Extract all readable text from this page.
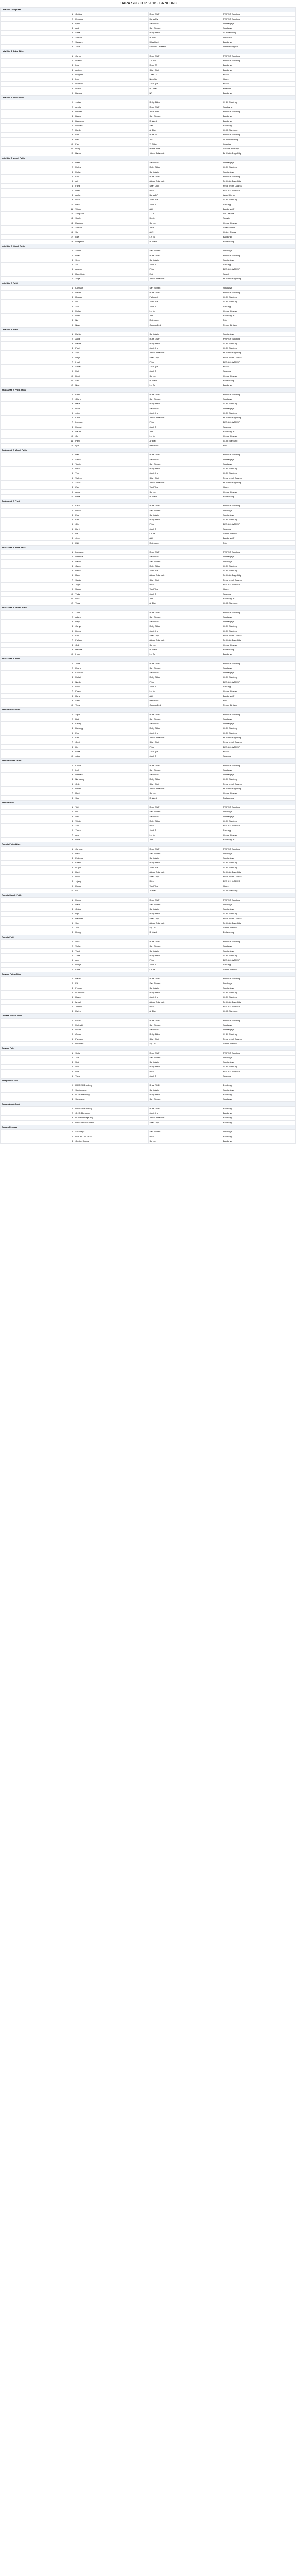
JUARA SUB CUP 2016 - BANDUNG
Usia Dini Campuran			
1	Geisha	Ruas GWP	PWP SP Bandung
2	Kemala	Karas Fly	PWP SP Bandung
3	Iqbal	Sarfio Aris	Sumtanjaya
4	Andi	San Rizmen	Surabaya
5	Sinta	Rizky Akbar	Gi. Rbandung
6	Ahmad	Ib Akso	Surakarta
7	Saksam	Kilas Dadi	Bandung
8	Jatun	Fp Ward - Yossen	Sutarbarang SP
Usia Dini A Putra Atlas			
1	Candy	Ruas GWP	PWP SP Bandung
2	Mushik	Tio Ado	PWP SP Bandung
3	Iodu	Ruas TS	Bandung
4	Antibar	Sitah Dtuji	Bandung
5	Brogam	Thas - V	Kitaze
6	Lun	Nem Ws	Kitaze
7	Muchan	Tas I Tjos	Kitaze
8	Muhar	P. Oidan	Kutecila
9	Barang	NF	Bandung
Usia Dini B Putra Atlas			
1	Abdan	Rizky Akbar	Gi. Rt Bandung
2	Azkila	Ruas GWP	Surakarta
3	Rindlar	Jusat Adkit	PWP SP Bandung
4	Bagas	San Rizmen	Bandung
5	Bagesno	R. Ward	Bandung
6	Wawan	Sas	Bandung
7	Habib	Ar Elad	GI. Rt Bandung
8	Irfan	Ruas TS	PWP SP Bandung
9	Bala	ABT	LV BD Bandung
10	Fajri	T. Oidun	Kutecila
11	Rizky	Holme Atlas	Gurada Kalmany
12	Harun	Adjuar Ardandat	Pr. Gede Bage Bdg
Usia Dini A Murah Putih			
1	Dean	Sarfio Aris	Sumtanjaya
2	Mulya	Rizky Akbar	Gi. Rt Bandung
3	Malaz	Sarfio Aris	Sumtanjaya
4	Fitri	Ruas GWP	PWP SP Bandung
5	Alif	Adjuar Ardandat	Pr. Gede Bage Bdg
6	Faza	Sitah Dtuji	Pesta Indah Caneks
7	Marsi	Prital	BES ALL WTR SP
8	Aisha	Baras BP	Antar Steher
9	Nurul	Jamil Aris	Gi. Rt Bandung
10	Dedi	Jatoh T	Sawung
11	Wilson	Adit	Bandung JF
12	Yang Sin	T. On	Itas Lasona
13	Soleh	Daniel	Tonaris
14	Kautang	Sy. Lin	Gentra Desma
15	Ahmad	Adria	Ghas Sunda
16	Sol	AYN	Gedun Panas
17	Lisa	Lin Tu	Bandung
18	Wiagano	R. Ward	Padalarang
Usia Dini B Murah Putih			
1	Azizah	San Rizmen	Surabaya
2	Brian	Ruas GWP	PWP SP Bandung
3	Seno	Sarfio Aris	Sumtanjaya
4	Ali	Jatoh T	Sawung
5	Anggur	Prital	BES ALL WTR SP
6	Raja Kirim	Emil	Sawah
7	Yoga	Adjuar Ardandat	Pr. Gede Bage Bdg
Usia Dini B Putri			
1	Kuninah	San Rizmen	Surabaya
2	Nenah	Ruas GWP	PWP SP Bandung
3	Riyana	Fathurasti	Gi. Rt Bandung
4	Vil	Jamil Aris	Gi. Rt Bandung
5	Aku	Jatoh T	Sawung
6	Mulan	Lin Ye	Gentra Desma
7	Wiwi	Adit	Bandung JF
8	Nur	Ralemans	Polo
9	Nusa	Gedung Dedi	Rentra Bintang
Usia Dini A Putri			
1	Kartini	Sarfio Aris	Sumtanjaya
2	Aulia	Ruas GWP	PWP SP Bandung
3	Nadila	Rizky Akbar	Gi. Rt Bandung
4	Putri	Jamil Aris	Gi. Rt Bandung
5	Ayu	Adjuar Ardandat	Pr. Gede Bage Bdg
6	Maya	Sitah Dtuji	Pesta Indah Caneks
7	Indah	Prital	BES ALL WTR SP
8	Sekar	Tas I Tjos	Kitaze
9	Meli	Jatoh T	Sawung
10	Dewi	Sy. Lin	Gentra Desma
11	Sari	R. Ward	Padalarang
12	Nisa	Lin Tu	Bandung
Anak-Anak B Putra Atlas			
1	Fadli	Ruas GWP	PWP SP Bandung
2	Gilang	San Rizmen	Surabaya
3	Haris	Rizky Akbar	Gi. Rt Bandung
4	Ilham	Sarfio Aris	Sumtanjaya
5	Joko	Jamil Aris	Gi. Rt Bandung
6	Kevin	Adjuar Ardandat	Pr. Gede Bage Bdg
7	Lukman	Prital	BES ALL WTR SP
8	Mamat	Jatoh T	Sawung
9	Naufal	Adit	Bandung JF
10	Oki	Lin Ye	Gentra Desma
11	Panji	Ar Elad	GI. Rt Bandung
12	Qori	Ralemans	Polo
Anak-Anak B Murah Putih			
1	Rafi	Ruas GWP	PWP SP Bandung
2	Sandi	Sarfio Aris	Sumtanjaya
3	Taufik	San Rizmen	Surabaya
4	Umar	Rizky Akbar	Gi. Rt Bandung
5	Vino	Jamil Aris	Gi. Rt Bandung
6	Wahyu	Sitah Dtuji	Pesta Indah Caneks
7	Yusuf	Adjuar Ardandat	Pr. Gede Bage Bdg
8	Zaki	Tas I Tjos	Kitaze
9	Akbar	Sy. Lin	Gentra Desma
10	Bima	R. Ward	Padalarang
Anak-Anak B Putri			
1	Citra	Ruas GWP	PWP SP Bandung
2	Dinda	San Rizmen	Surabaya
3	Elsa	Sarfio Aris	Sumtanjaya
4	Fani	Rizky Akbar	Gi. Rt Bandung
5	Gita	Prital	BES ALL WTR SP
6	Hani	Jatoh T	Sawung
7	Ika	Lin Ye	Gentra Desma
8	Jihan	Adit	Bandung JF
9	Kiki	Ralemans	Polo
Anak-Anak A Putra Atlas			
1	Laksana	Ruas GWP	PWP SP Bandung
2	Mahesa	Sarfio Aris	Sumtanjaya
3	Nanda	San Rizmen	Surabaya
4	Oscar	Rizky Akbar	Gi. Rt Bandung
5	Pandu	Jamil Aris	Gi. Rt Bandung
6	Raka	Adjuar Ardandat	Pr. Gede Bage Bdg
7	Satria	Sitah Dtuji	Pesta Indah Caneks
8	Tegar	Prital	BES ALL WTR SP
9	Ujang	Tas I Tjos	Kitaze
10	Vicky	Jatoh T	Sawung
11	Wira	Adit	Bandung JF
12	Yoga	Ar Elad	GI. Rt Bandung
Anak-Anak A Murah Putih			
1	Zidan	Ruas GWP	PWP SP Bandung
2	Adam	San Rizmen	Surabaya
3	Bayu	Sarfio Aris	Sumtanjaya
4	Cahyo	Rizky Akbar	Gi. Rt Bandung
5	Dimas	Jamil Aris	Gi. Rt Bandung
6	Erik	Sitah Dtuji	Pesta Indah Caneks
7	Farhan	Adjuar Ardandat	Pr. Gede Bage Bdg
8	Galih	Sy. Lin	Gentra Desma
9	Hendra	R. Ward	Padalarang
10	Irwan	Lin Tu	Bandung
Anak-Anak A Putri			
1	Jelita	Ruas GWP	PWP SP Bandung
2	Kirana	San Rizmen	Surabaya
3	Larasati	Sarfio Aris	Sumtanjaya
4	Melati	Rizky Akbar	Gi. Rt Bandung
5	Nabila	Prital	BES ALL WTR SP
6	Olivia	Jatoh T	Sawung
7	Puspa	Lin Ye	Gentra Desma
8	Rara	Adit	Bandung JF
9	Salsa	Ralemans	Polo
10	Tiara	Gedung Dedi	Rentra Bintang
Pemula Putra Atlas			
1	Agus	Ruas GWP	PWP SP Bandung
2	Budi	San Rizmen	Surabaya
3	Cecep	Sarfio Aris	Sumtanjaya
4	Dadang	Rizky Akbar	Gi. Rt Bandung
5	Eko	Jamil Aris	Gi. Rt Bandung
6	Fikri	Adjuar Ardandat	Pr. Gede Bage Bdg
7	Gani	Sitah Dtuji	Pesta Indah Caneks
8	Heri	Prital	BES ALL WTR SP
9	Indra	Tas I Tjos	Kitaze
10	Jaka	Jatoh T	Sawung
Pemula Murah Putih			
1	Kurnia	Ruas GWP	PWP SP Bandung
2	Lutfi	San Rizmen	Surabaya
3	Maman	Sarfio Aris	Sumtanjaya
4	Nandang	Rizky Akbar	Gi. Rt Bandung
5	Opik	Sitah Dtuji	Pesta Indah Caneks
6	Pepen	Adjuar Ardandat	Pr. Gede Bage Bdg
7	Rudi	Sy. Lin	Gentra Desma
8	Sule	R. Ward	Padalarang
Pemula Putri			
1	Tati	Ruas GWP	PWP SP Bandung
2	Uli	San Rizmen	Surabaya
3	Vina	Sarfio Aris	Sumtanjaya
4	Winda	Rizky Akbar	Gi. Rt Bandung
5	Yuli	Prital	BES ALL WTR SP
6	Zahra	Jatoh T	Sawung
7	Ayu	Lin Ye	Gentra Desma
8	Bella	Adit	Bandung JF
Remaja Putra Atlas			
1	Candra	Ruas GWP	PWP SP Bandung
2	Deni	San Rizmen	Surabaya
3	Endang	Sarfio Aris	Sumtanjaya
4	Faisal	Rizky Akbar	Gi. Rt Bandung
5	Gugun	Jamil Aris	Gi. Rt Bandung
6	Hadi	Adjuar Ardandat	Pr. Gede Bage Bdg
7	Iwan	Sitah Dtuji	Pesta Indah Caneks
8	Jajang	Prital	BES ALL WTR SP
9	Komar	Tas I Tjos	Kitaze
10	Lili	Ar Elad	GI. Rt Bandung
Remaja Murah Putih			
1	Mumu	Ruas GWP	PWP SP Bandung
2	Nana	San Rizmen	Surabaya
3	Oding	Sarfio Aris	Sumtanjaya
4	Pipit	Rizky Akbar	Gi. Rt Bandung
5	Rahmat	Sitah Dtuji	Pesta Indah Caneks
6	Soni	Adjuar Ardandat	Pr. Gede Bage Bdg
7	Tedi	Sy. Lin	Gentra Desma
8	Ujang	R. Ward	Padalarang
Remaja Putri			
1	Vera	Ruas GWP	PWP SP Bandung
2	Wulan	San Rizmen	Surabaya
3	Yanti	Sarfio Aris	Sumtanjaya
4	Zulfa	Rizky Akbar	Gi. Rt Bandung
5	Anis	Prital	BES ALL WTR SP
6	Bunga	Jatoh T	Sawung
7	Cinta	Lin Ye	Gentra Desma
Dewasa Putra Atlas			
1	Darma	Ruas GWP	PWP SP Bandung
2	Edi	San Rizmen	Surabaya
3	Firman	Sarfio Aris	Sumtanjaya
4	Gunawan	Rizky Akbar	Gi. Rt Bandung
5	Hasan	Jamil Aris	Gi. Rt Bandung
6	Ismail	Adjuar Ardandat	Pr. Gede Bage Bdg
7	Jumadi	Prital	BES ALL WTR SP
8	Karim	Ar Elad	GI. Rt Bandung
Dewasa Murah Putih			
1	Lukas	Ruas GWP	PWP SP Bandung
2	Mulyadi	San Rizmen	Surabaya
3	Nurdin	Sarfio Aris	Sumtanjaya
4	Oman	Rizky Akbar	Gi. Rt Bandung
5	Parman	Sitah Dtuji	Pesta Indah Caneks
6	Rohman	Sy. Lin	Gentra Desma
Dewasa Putri			
1	Sinta	Ruas GWP	PWP SP Bandung
2	Tina	San Rizmen	Surabaya
3	Umi	Sarfio Aris	Sumtanjaya
4	Vivi	Rizky Akbar	Gi. Rt Bandung
5	Wati	Prital	BES ALL WTR SP
6	Yayu	Jatoh T	Sawung
Beregu Usia Dini			
1	PWP SP Bandung	Ruas GWP	Bandung
2	Sumtanjaya	Sarfio Aris	Sumtanjaya
3	Gi. Rt Bandung	Rizky Akbar	Bandung
4	Surabaya	San Rizmen	Surabaya
Beregu Anak-Anak			
1	PWP SP Bandung	Ruas GWP	Bandung
2	Gi. Rt Bandung	Jamil Aris	Bandung
3	Pr. Gede Bage Bdg	Adjuar Ardandat	Bandung
4	Pesta Indah Caneks	Sitah Dtuji	Bandung
Beregu Remaja			
1	Surabaya	San Rizmen	Surabaya
2	BES ALL WTR SP	Prital	Bandung
3	Gentra Desma	Sy. Lin	Bandung
